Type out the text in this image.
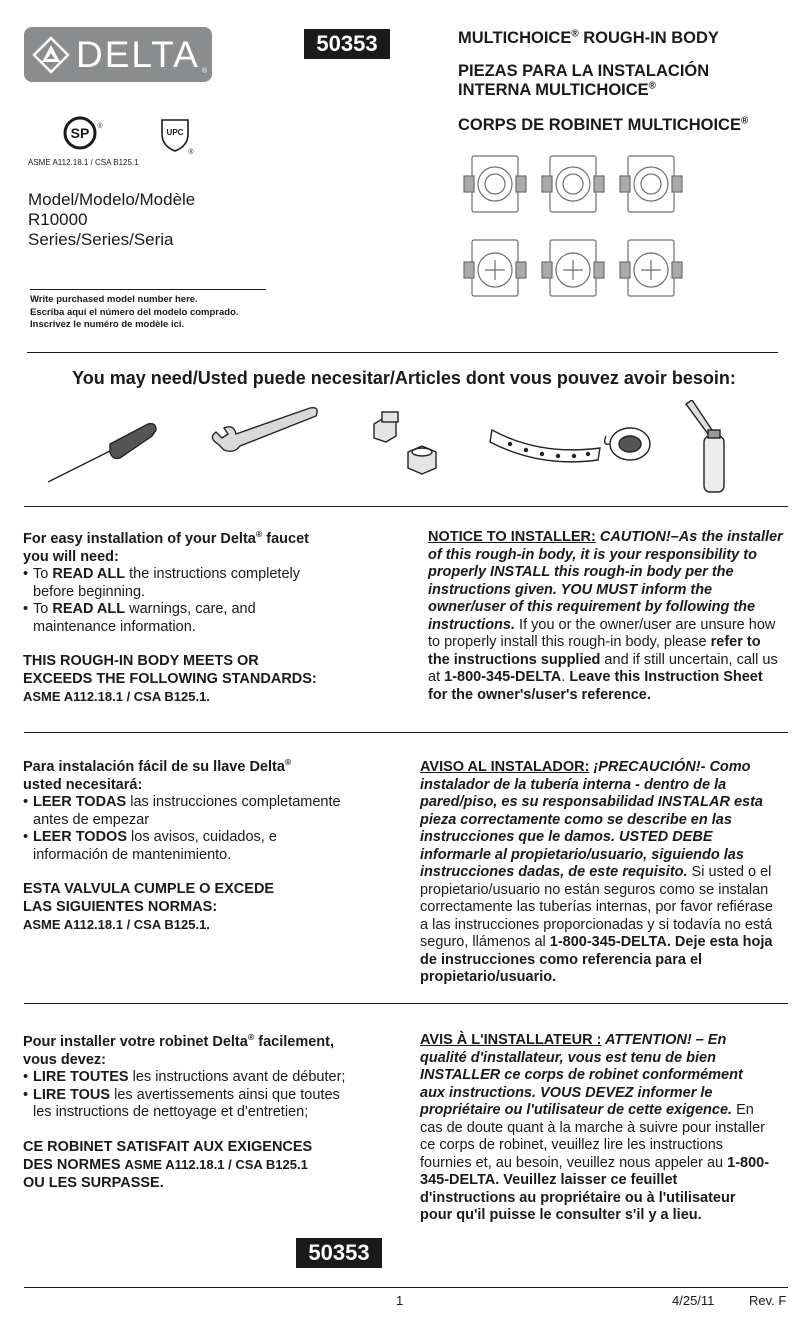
DELTA ®
50353
SP ®
UPC
®
ASME A112.18.1 / CSA B125.1
Model/Modelo/Modèle
R10000
Series/Series/Seria
Write purchased model number here.
Escriba aquí el número del modelo comprado.
Inscrivez le numéro de modèle ici.
MULTICHOICE® ROUGH-IN BODY
PIEZAS PARA LA INSTALACIÓN
INTERNA MULTICHOICE®
CORPS DE ROBINET MULTICHOICE®
You may need/Usted puede necesitar/Articles dont vous pouvez avoir besoin:

For easy installation of your Delta® faucet

you will need:

• To READ ALL the instructions completely
before beginning.
• To READ ALL warnings, care, and
maintenance information.

THIS ROUGH-IN BODY MEETS OR

EXCEEDS THE FOLLOWING STANDARDS:

ASME A112.18.1 / CSA B125.1.

NOTICE TO INSTALLER: CAUTION!–As the installer of this rough-in body, it is your responsibility to properly INSTALL this rough-in body per the instructions given. YOU MUST inform the owner/user of this requirement by following the instructions. If you or the owner/user are unsure how to properly install this rough-in body, please refer to the instructions supplied and if still uncertain, call us at 1-800-345-DELTA. Leave this Instruction Sheet for the owner's/user's reference.

Para instalación fácil de su llave Delta®

usted necesitará:

• LEER TODAS las instrucciones completamente
antes de empezar
• LEER TODOS los avisos, cuidados, e
información de mantenimiento.

ESTA VALVULA CUMPLE O EXCEDE

LAS SIGUIENTES NORMAS:

ASME A112.18.1 / CSA B125.1.

AVISO AL INSTALADOR: ¡PRECAUCIÓN!- Como instalador de la tubería interna - dentro de la pared/piso, es su responsabilidad INSTALAR esta pieza correctamente como se describe en las instrucciones que le damos. USTED DEBE informarle al propietario/usuario, siguiendo las instrucciones dadas, de este requisito. Si usted o el propietario/usuario no están seguros como se instalan correctamente las tuberías internas, por favor refiérase a las instrucciones proporcionadas y si todavía no está seguro, llámenos al 1-800-345-DELTA. Deje esta hoja de instrucciones como referencia para el propietario/usuario.

Pour installer votre robinet Delta® facilement,

vous devez:

• LIRE TOUTES les instructions avant de débuter;
• LIRE TOUS les avertissements ainsi que toutes
les instructions de nettoyage et d'entretien;

CE ROBINET SATISFAIT AUX EXIGENCES

DES NORMES ASME A112.18.1 / CSA B125.1

OU LES SURPASSE.

AVIS À L'INSTALLATEUR : ATTENTION! – En qualité d'installateur, vous est tenu de bien INSTALLER ce corps de robinet conformément aux instructions. VOUS DEVEZ informer le propriétaire ou l'utilisateur de cette exigence. En cas de doute quant à la marche à suivre pour installer ce corps de robinet, veuillez lire les instructions fournies et, au besoin, veuillez nous appeler au 1-800-345-DELTA. Veuillez laisser ce feuillet d'instructions au propriétaire ou à l'utilisateur pour qu'il puisse le consulter s'il y a lieu.
50353
1	4/25/11	Rev. F
